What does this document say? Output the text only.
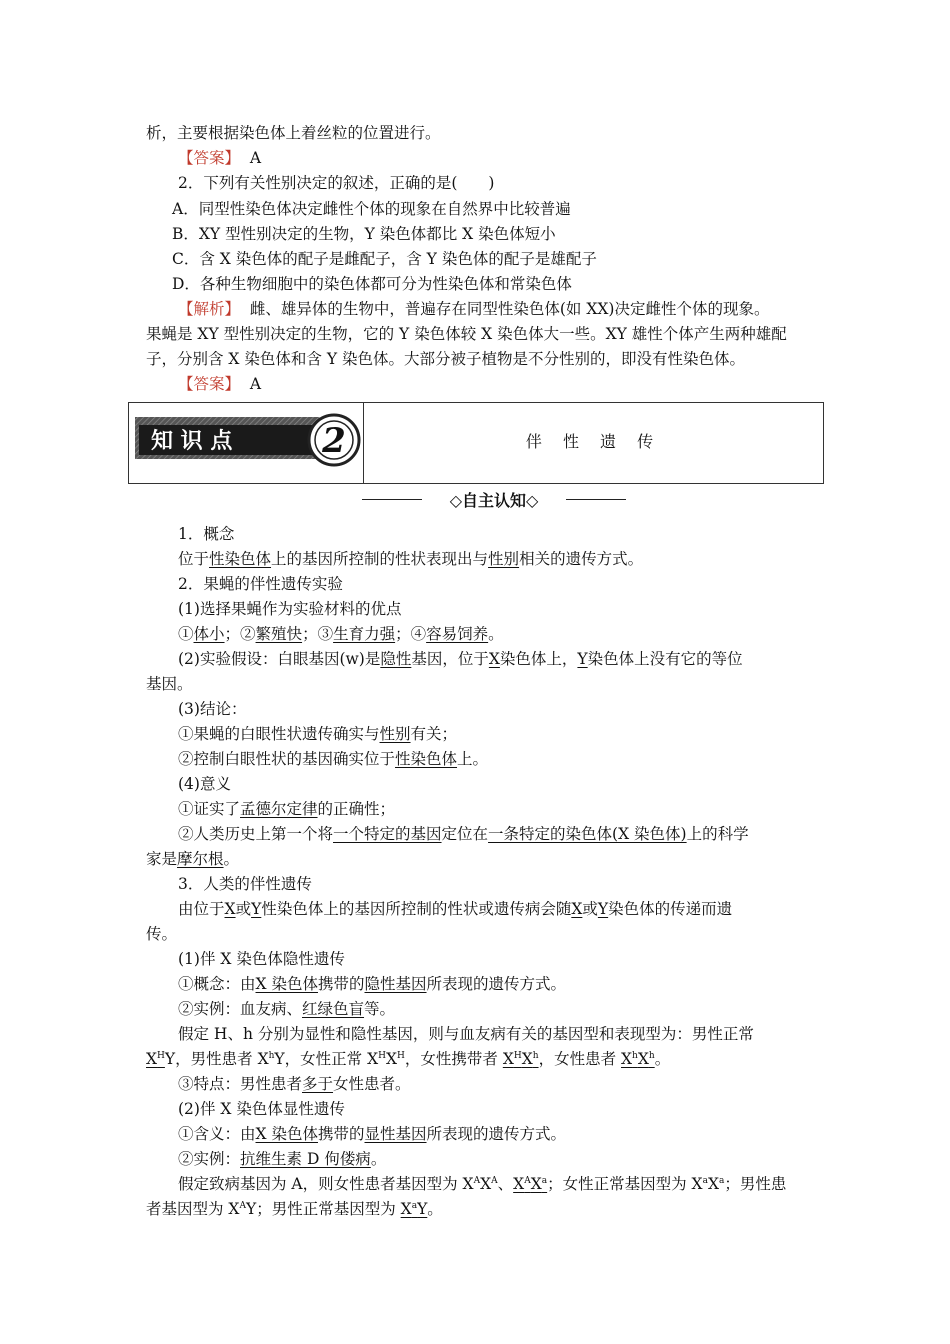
析，主要根据染色体上着丝粒的位置进行。
【答案】 A
2．下列有关性别决定的叙述，正确的是(　　)
A．同型性染色体决定雌性个体的现象在自然界中比较普遍
B．XY 型性别决定的生物，Y 染色体都比 X 染色体短小
C．含 X 染色体的配子是雌配子，含 Y 染色体的配子是雄配子
D．各种生物细胞中的染色体都可分为性染色体和常染色体
【解析】 雌、雄异体的生物中，普遍存在同型性染色体(如 XX)决定雌性个体的现象。
果蝇是 XY 型性别决定的生物，它的 Y 染色体较 X 染色体大一些。XY 雄性个体产生两种雄配
子，分别含 X 染色体和含 Y 染色体。大部分被子植物是不分性别的，即没有性染色体。
【答案】 A
知 识 点	2	伴 性 遗 传
◇自主认知◇
1．概念
位于性染色体上的基因所控制的性状表现出与性别相关的遗传方式。
2．果蝇的伴性遗传实验
(1)选择果蝇作为实验材料的优点
①体小；②繁殖快；③生育力强；④容易饲养。
(2)实验假设：白眼基因(w)是隐性基因，位于X染色体上，Y染色体上没有它的等位
基因。
(3)结论：
①果蝇的白眼性状遗传确实与性别有关；
②控制白眼性状的基因确实位于性染色体上。
(4)意义
①证实了孟德尔定律的正确性；
②人类历史上第一个将一个特定的基因定位在一条特定的染色体(X 染色体)上的科学
家是摩尔根。
3．人类的伴性遗传
由位于X或Y性染色体上的基因所控制的性状或遗传病会随X或Y染色体的传递而遗
传。
(1)伴 X 染色体隐性遗传
①概念：由X 染色体携带的隐性基因所表现的遗传方式。
②实例：血友病、红绿色盲等。
假定 H、h 分别为显性和隐性基因，则与血友病有关的基因型和表现型为：男性正常
$X^HY$，男性患者 $X^hY$，女性正常 $X^HX^H$，女性携带者 $X^HX^h$，女性患者 $X^hX^h$。
③特点：男性患者多于女性患者。
(2)伴 X 染色体显性遗传
①含义：由X 染色体携带的显性基因所表现的遗传方式。
②实例：抗维生素 D 佝偻病。
假定致病基因为 A，则女性患者基因型为 $X^AX^A$、$X^AX^a$；女性正常基因型为 $X^aX^a$；男性患
者基因型为 $X^AY$；男性正常基因型为 $X^aY$。
